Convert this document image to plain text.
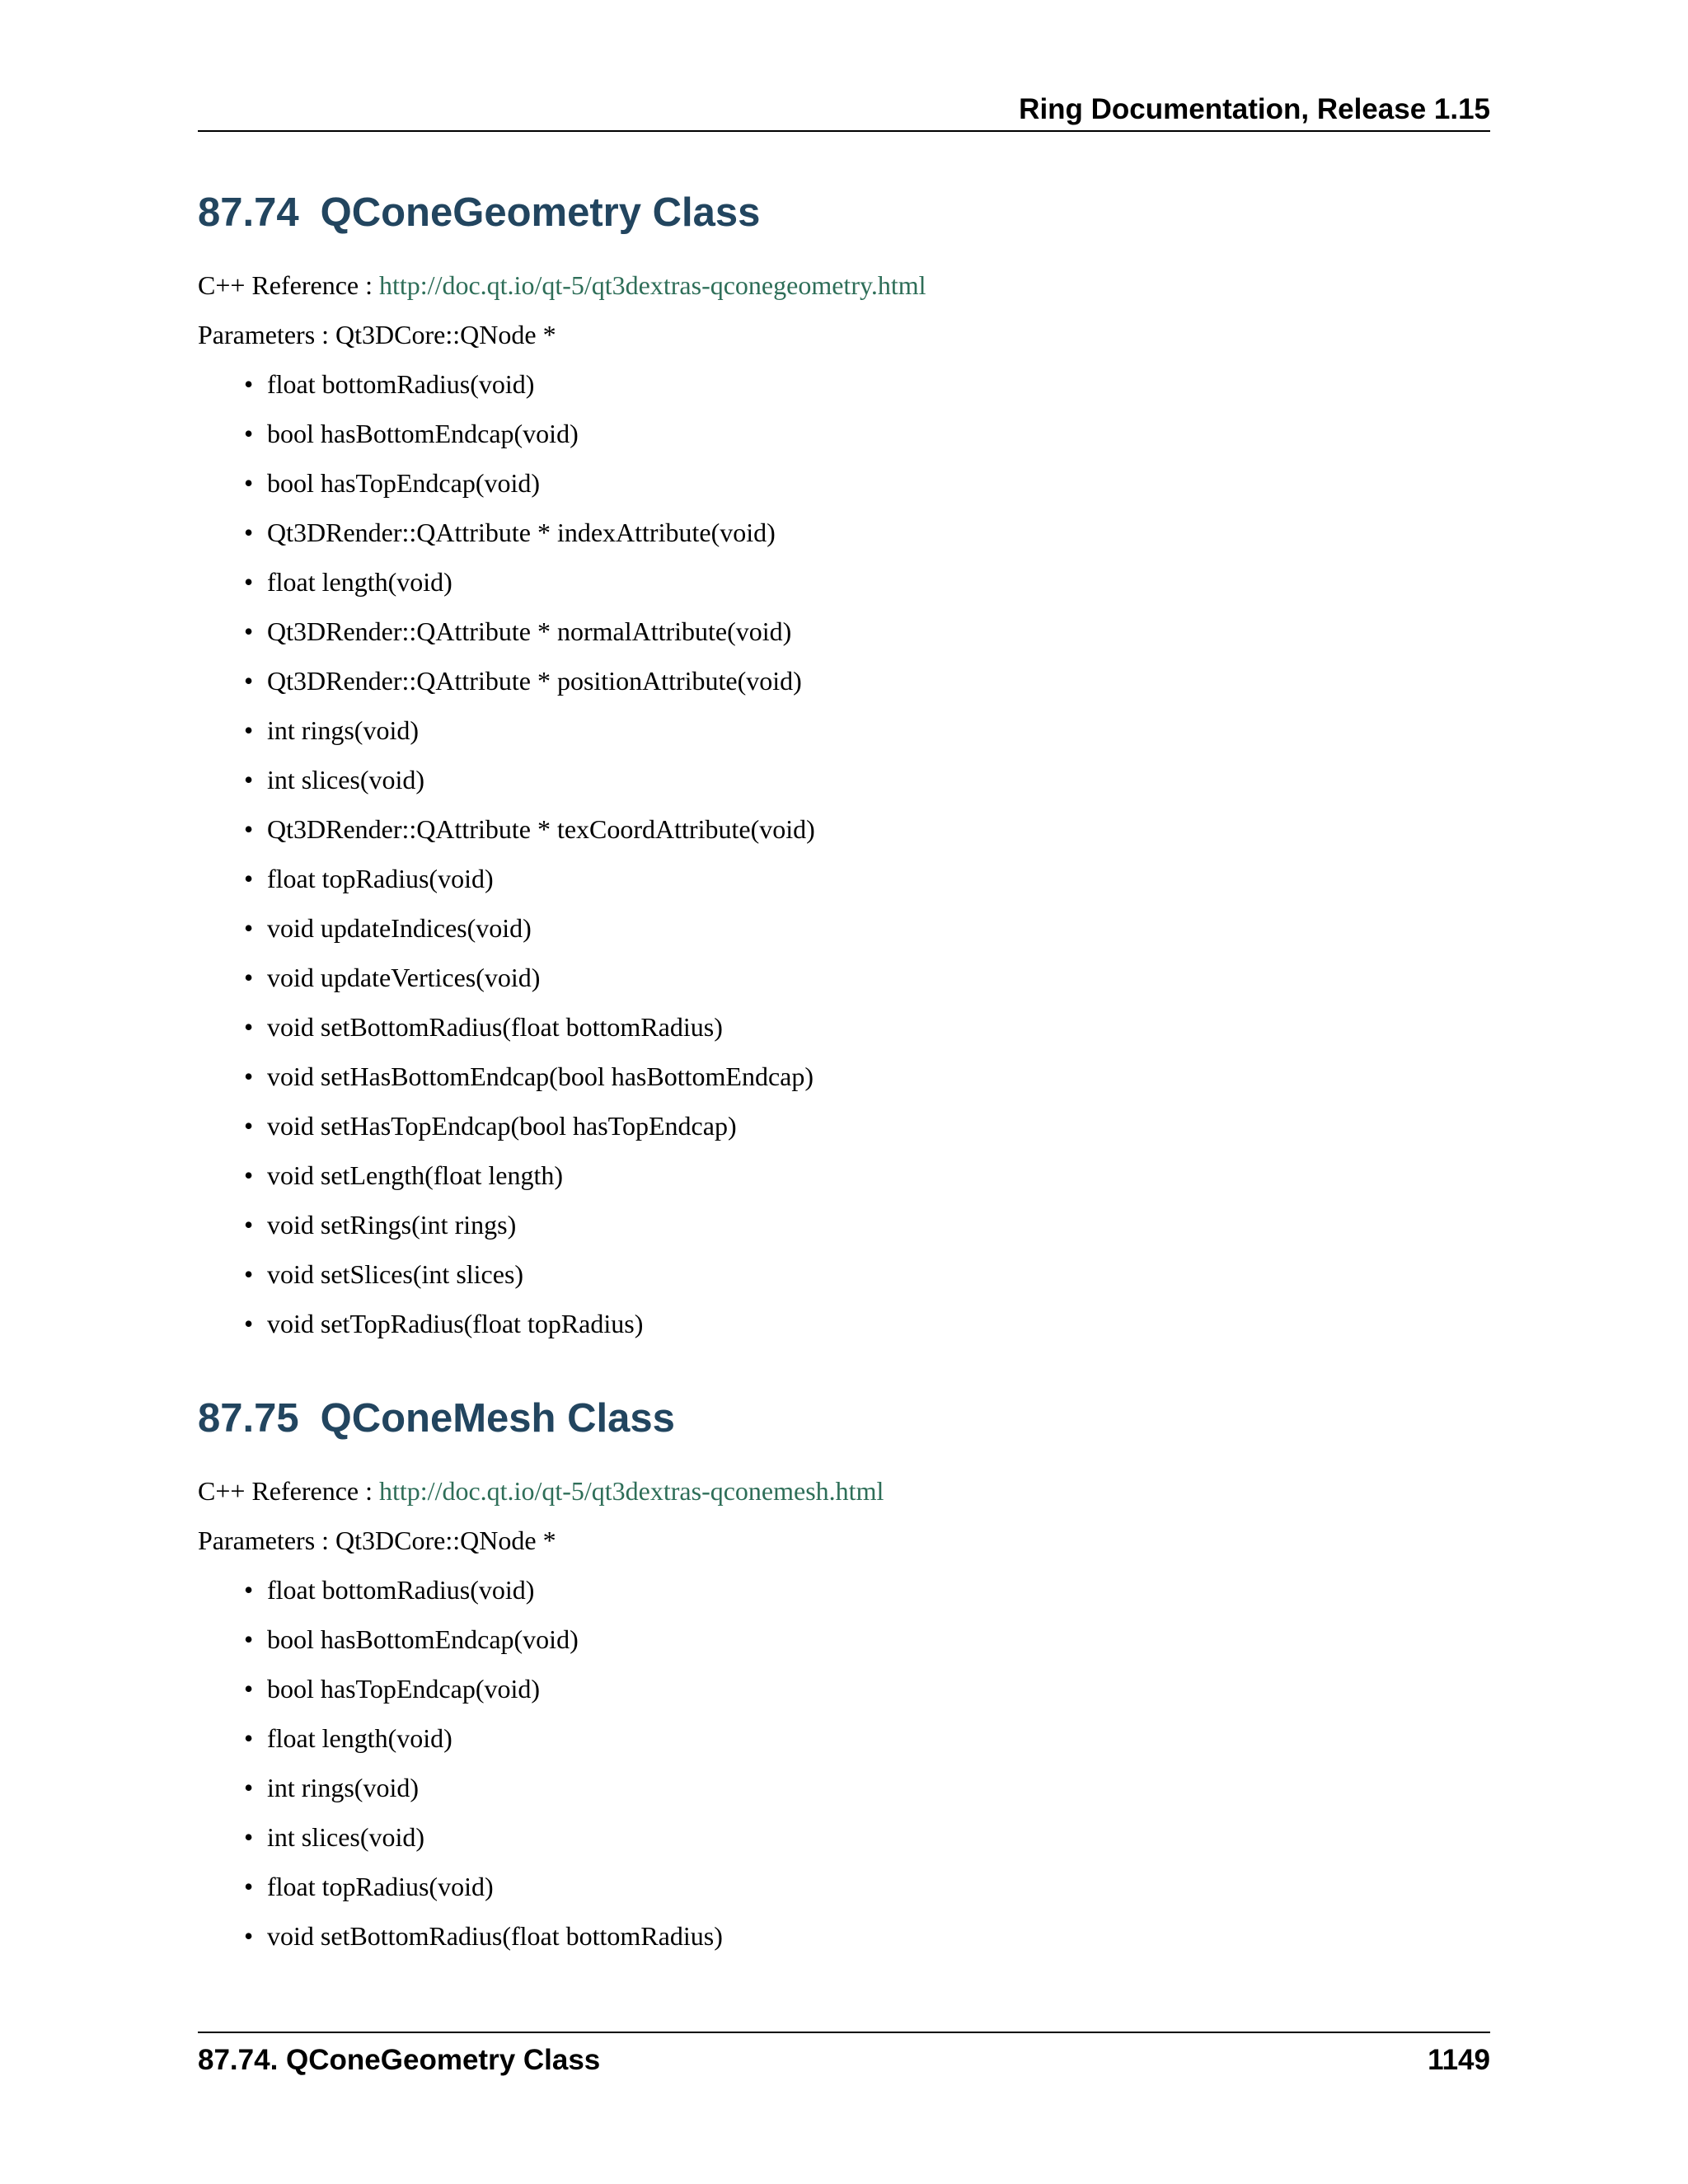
Ring Documentation, Release 1.15
87.74 QConeGeometry Class

C++ Reference : http://doc.qt.io/qt-5/qt3dextras-qconegeometry.html

Parameters : Qt3DCore::QNode *

• float bottomRadius(void)
• bool hasBottomEndcap(void)
• bool hasTopEndcap(void)
• Qt3DRender::QAttribute * indexAttribute(void)
• float length(void)
• Qt3DRender::QAttribute * normalAttribute(void)
• Qt3DRender::QAttribute * positionAttribute(void)
• int rings(void)
• int slices(void)
• Qt3DRender::QAttribute * texCoordAttribute(void)
• float topRadius(void)
• void updateIndices(void)
• void updateVertices(void)
• void setBottomRadius(float bottomRadius)
• void setHasBottomEndcap(bool hasBottomEndcap)
• void setHasTopEndcap(bool hasTopEndcap)
• void setLength(float length)
• void setRings(int rings)
• void setSlices(int slices)
• void setTopRadius(float topRadius)
87.75 QConeMesh Class

C++ Reference : http://doc.qt.io/qt-5/qt3dextras-qconemesh.html

Parameters : Qt3DCore::QNode *

• float bottomRadius(void)
• bool hasBottomEndcap(void)
• bool hasTopEndcap(void)
• float length(void)
• int rings(void)
• int slices(void)
• float topRadius(void)
• void setBottomRadius(float bottomRadius)
87.74. QConeGeometry Class	1149
